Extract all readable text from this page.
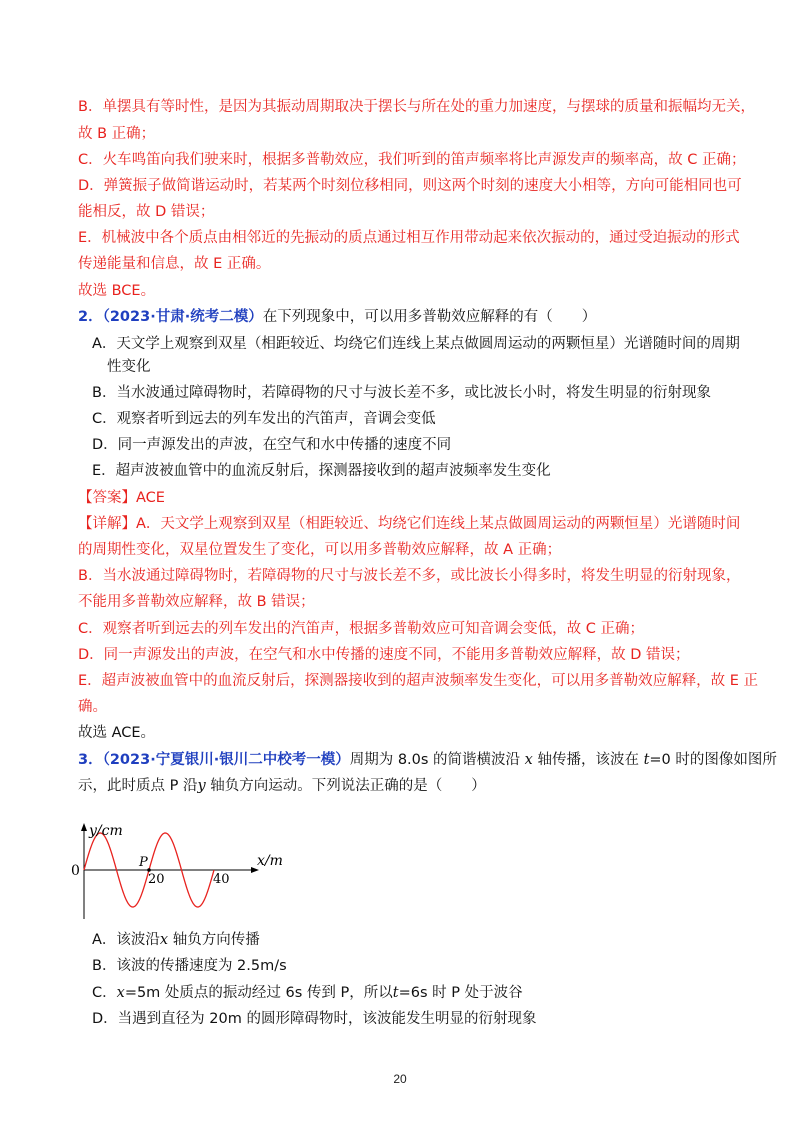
B．单摆具有等时性，是因为其振动周期取决于摆长与所在处的重力加速度，与摆球的质量和振幅均无关，
故 B 正确；
C．火车鸣笛向我们驶来时，根据多普勒效应，我们听到的笛声频率将比声源发声的频率高，故 C 正确；
D．弹簧振子做简谐运动时，若某两个时刻位移相同，则这两个时刻的速度大小相等，方向可能相同也可
能相反，故 D 错误；
E．机械波中各个质点由相邻近的先振动的质点通过相互作用带动起来依次振动的，通过受迫振动的形式
传递能量和信息，故 E 正确。
故选 BCE。
2．（2023·甘肃·统考二模）在下列现象中，可以用多普勒效应解释的有（　　）
A．天文学上观察到双星（相距较近、均绕它们连线上某点做圆周运动的两颗恒星）光谱随时间的周期
性变化
B．当水波通过障碍物时，若障碍物的尺寸与波长差不多，或比波长小时，将发生明显的衍射现象
C．观察者听到远去的列车发出的汽笛声，音调会变低
D．同一声源发出的声波，在空气和水中传播的速度不同
E．超声波被血管中的血流反射后，探测器接收到的超声波频率发生变化
【答案】ACE
【详解】A．天文学上观察到双星（相距较近、均绕它们连线上某点做圆周运动的两颗恒星）光谱随时间
的周期性变化，双星位置发生了变化，可以用多普勒效应解释，故 A 正确；
B．当水波通过障碍物时，若障碍物的尺寸与波长差不多，或比波长小得多时，将发生明显的衍射现象，
不能用多普勒效应解释，故 B 错误；
C．观察者听到远去的列车发出的汽笛声，根据多普勒效应可知音调会变低，故 C 正确；
D．同一声源发出的声波，在空气和水中传播的速度不同，不能用多普勒效应解释，故 D 错误；
E．超声波被血管中的血流反射后，探测器接收到的超声波频率发生变化，可以用多普勒效应解释，故 E 正
确。
故选 ACE。
3．（2023·宁夏银川·银川二中校考一模）周期为 8.0s 的简谐横波沿 x 轴传播，该波在 t=0 时的图像如图所
示，此时质点 P 沿y 轴负方向运动。下列说法正确的是（　　）
y/cm
x/m
0
P
20	40
A．该波沿x 轴负方向传播
B．该波的传播速度为 2.5m/s
C．x=5m 处质点的振动经过 6s 传到 P，所以t=6s 时 P 处于波谷
D．当遇到直径为 20m 的圆形障碍物时，该波能发生明显的衍射现象
20
